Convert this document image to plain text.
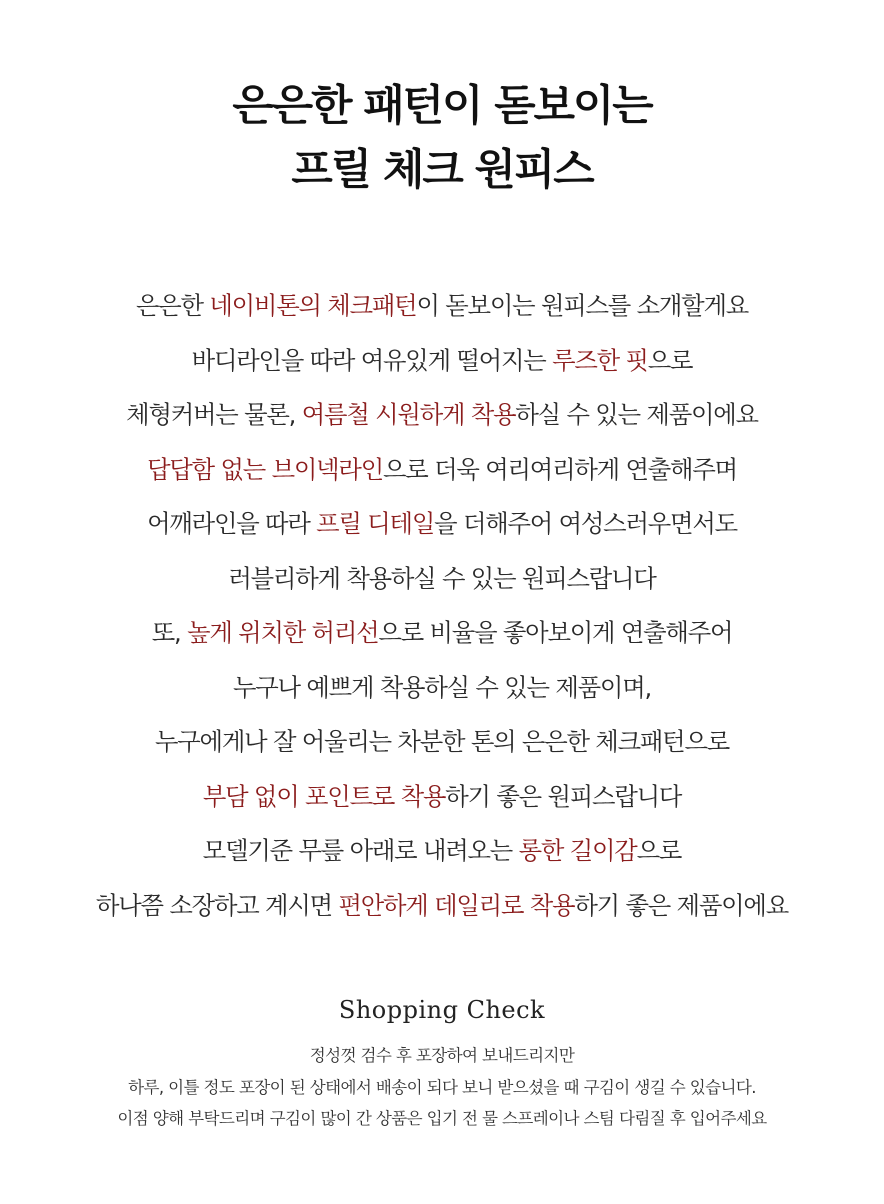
은은한 패턴이 돋보이는
프릴 체크 원피스
은은한 네이비톤의 체크패턴이 돋보이는 원피스를 소개할게요
바디라인을 따라 여유있게 떨어지는 루즈한 핏으로
체형커버는 물론, 여름철 시원하게 착용하실 수 있는 제품이에요
답답함 없는 브이넥라인으로 더욱 여리여리하게 연출해주며
어깨라인을 따라 프릴 디테일을 더해주어 여성스러우면서도
러블리하게 착용하실 수 있는 원피스랍니다
또, 높게 위치한 허리선으로 비율을 좋아보이게 연출해주어
누구나 예쁘게 착용하실 수 있는 제품이며,
누구에게나 잘 어울리는 차분한 톤의 은은한 체크패턴으로
부담 없이 포인트로 착용하기 좋은 원피스랍니다
모델기준 무릎 아래로 내려오는 롱한 길이감으로
하나쯤 소장하고 계시면 편안하게 데일리로 착용하기 좋은 제품이에요
Shopping Check
정성껏 검수 후 포장하여 보내드리지만
하루, 이틀 정도 포장이 된 상태에서 배송이 되다 보니 받으셨을 때 구김이 생길 수 있습니다.
이점 양해 부탁드리며 구김이 많이 간 상품은 입기 전 물 스프레이나 스팀 다림질 후 입어주세요
